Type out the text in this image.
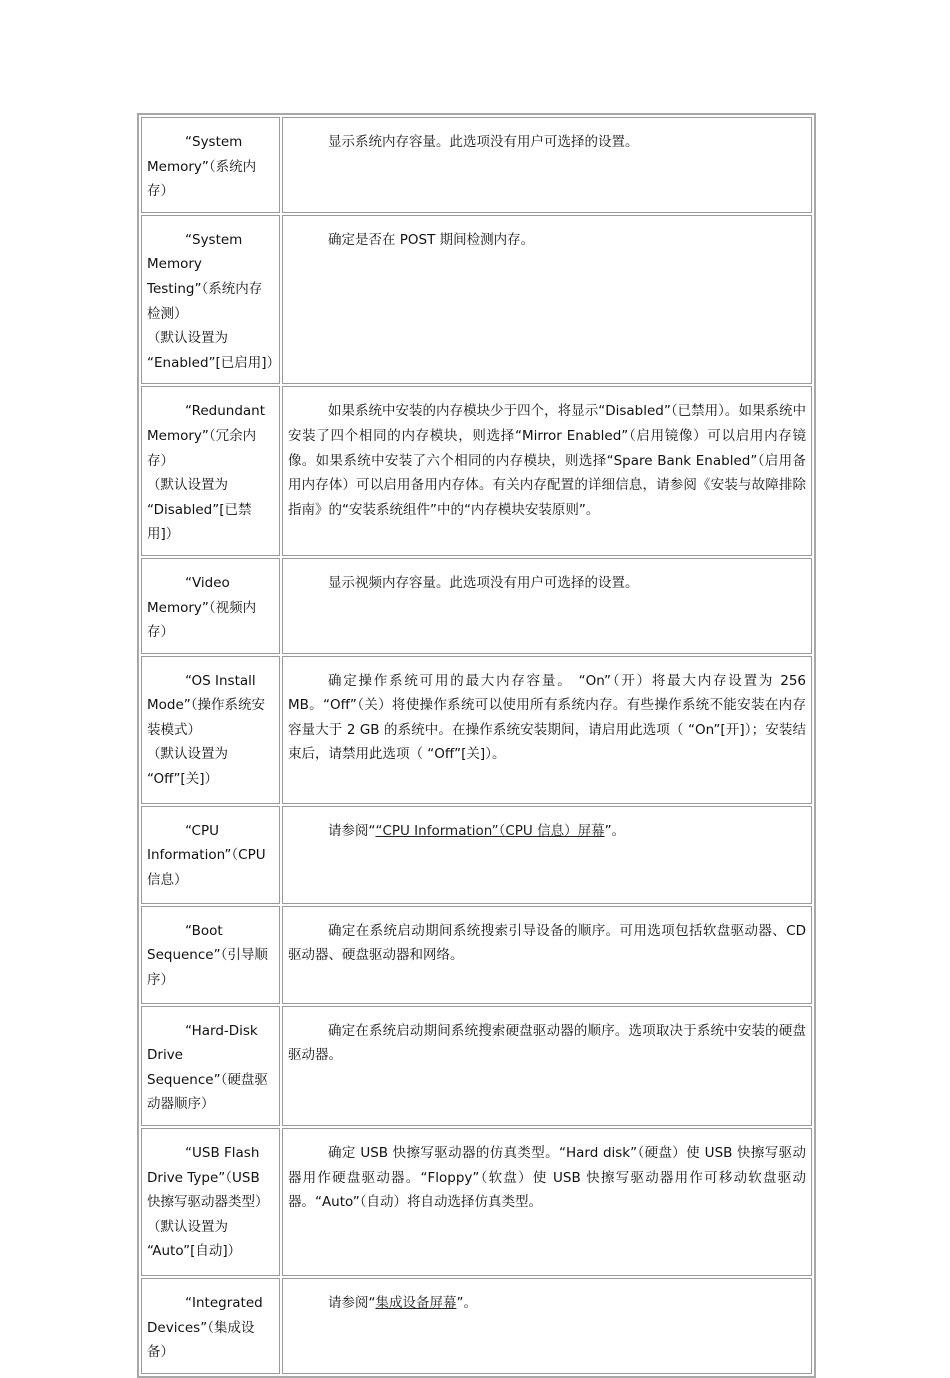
“System
Memory”（系统内存）	显示系统内存容量。此选项没有用户可选择的设置。

“System
Memory Testing”（系统内存检测）
（默认设置为
“Enabled”[已启用]）	确定是否在 POST 期间检测内存。

“Redundant
Memory”（冗余内存）
（默认设置为
“Disabled”[已禁用]）	如果系统中安装的内存模块少于四个，将显示“Disabled”（已禁用）。如果系统中安装了四个相同的内存模块，则选择“Mirror Enabled”（启用镜像）可以启用内存镜像。如果系统中安装了六个相同的内存模块，则选择“Spare Bank Enabled”（启用备用内存体）可以启用备用内存体。有关内存配置的详细信息，请参阅《安装与故障排除指南》的“安装系统组件”中的“内存模块安装原则”。

“Video
Memory”（视频内存）	显示视频内存容量。此选项没有用户可选择的设置。

“OS Install
Mode”（操作系统安装模式）
（默认设置为
“Off”[关]）	确定操作系统可用的最大内存容量。 “On”（开）将最大内存设置为 256 MB。“Off”（关）将使操作系统可以使用所有系统内存。有些操作系统不能安装在内存容量大于 2 GB 的系统中。在操作系统安装期间，请启用此选项（ “On”[开]）；安装结束后，请禁用此选项（ “Off”[关]）。

“CPU
Information”（CPU 信息）	请参阅““CPU Information”（CPU 信息）屏幕”。

“Boot
Sequence”（引导顺序）	确定在系统启动期间系统搜索引导设备的顺序。可用选项包括软盘驱动器、CD 驱动器、硬盘驱动器和网络。

“Hard-Disk
Drive Sequence”（硬盘驱动器顺序）	确定在系统启动期间系统搜索硬盘驱动器的顺序。选项取决于系统中安装的硬盘驱动器。

“USB Flash
Drive Type”（USB 快擦写驱动器类型）
（默认设置为
“Auto”[自动]）	确定 USB 快擦写驱动器的仿真类型。“Hard disk”（硬盘）使 USB 快擦写驱动器用作硬盘驱动器。“Floppy”（软盘）使 USB 快擦写驱动器用作可移动软盘驱动器。“Auto”（自动）将自动选择仿真类型。

“Integrated
Devices”（集成设备）	请参阅“集成设备屏幕”。
